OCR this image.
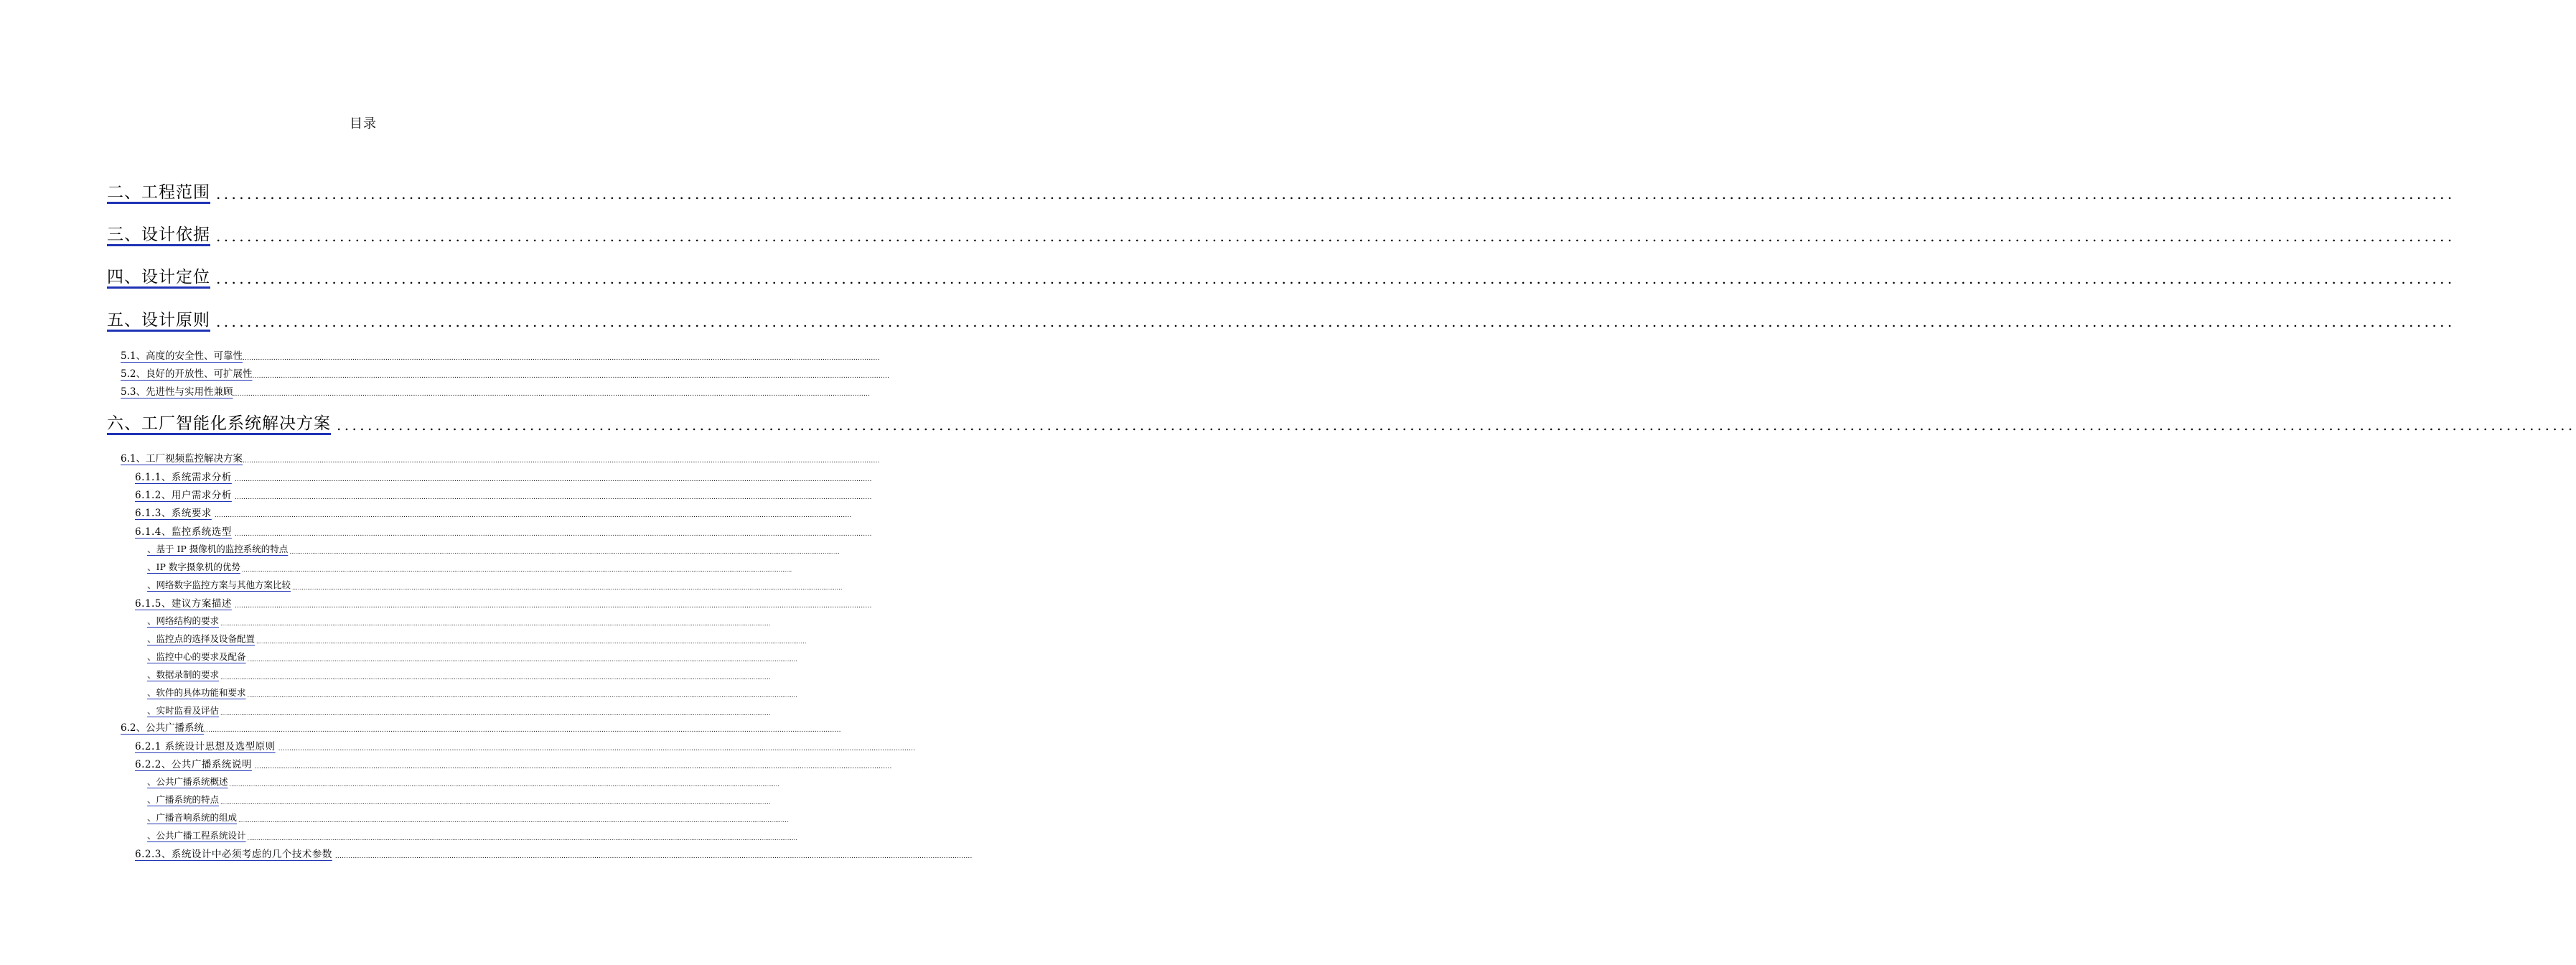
目录
二、工程范围 ..................................................................................................................................................................................................................................................................................................
三、设计依据 ..................................................................................................................................................................................................................................................................................................
四、设计定位 ..................................................................................................................................................................................................................................................................................................
五、设计原则 ..................................................................................................................................................................................................................................................................................................
5.1、高度的安全性、可靠性 ..................................................................................................................................................................................................................................................................................................
5.2、良好的开放性、可扩展性 ..................................................................................................................................................................................................................................................................................................
5.3、先进性与实用性兼顾 ..................................................................................................................................................................................................................................................................................................
六、工厂智能化系统解决方案 ..................................................................................................................................................................................................................................................................................................
6.1、工厂视频监控解决方案 ..................................................................................................................................................................................................................................................................................................
6.1.1、系统需求分析 ..................................................................................................................................................................................................................................................................................................
6.1.2、用户需求分析 ..................................................................................................................................................................................................................................................................................................
6.1.3、系统要求 ..................................................................................................................................................................................................................................................................................................
6.1.4、监控系统选型 ..................................................................................................................................................................................................................................................................................................
、基于 IP 摄像机的监控系统的特点 ..................................................................................................................................................................................................................................................................................................
、IP 数字摄象机的优势 ..................................................................................................................................................................................................................................................................................................
、网络数字监控方案与其他方案比较 ..................................................................................................................................................................................................................................................................................................
6.1.5、建议方案描述 ..................................................................................................................................................................................................................................................................................................
、网络结构的要求 ..................................................................................................................................................................................................................................................................................................
、监控点的选择及设备配置 ..................................................................................................................................................................................................................................................................................................
、监控中心的要求及配备 ..................................................................................................................................................................................................................................................................................................
、数据录制的要求 ..................................................................................................................................................................................................................................................................................................
、软件的具体功能和要求 ..................................................................................................................................................................................................................................................................................................
、实时监看及评估 ..................................................................................................................................................................................................................................................................................................
6.2、公共广播系统 ..................................................................................................................................................................................................................................................................................................
6.2.1 系统设计思想及选型原则 ..................................................................................................................................................................................................................................................................................................
6.2.2、公共广播系统说明 ..................................................................................................................................................................................................................................................................................................
、公共广播系统概述 ..................................................................................................................................................................................................................................................................................................
、广播系统的特点 ..................................................................................................................................................................................................................................................................................................
、广播音响系统的组成 ..................................................................................................................................................................................................................................................................................................
、公共广播工程系统设计 ..................................................................................................................................................................................................................................................................................................
6.2.3、系统设计中必须考虑的几个技术参数 ..................................................................................................................................................................................................................................................................................................
